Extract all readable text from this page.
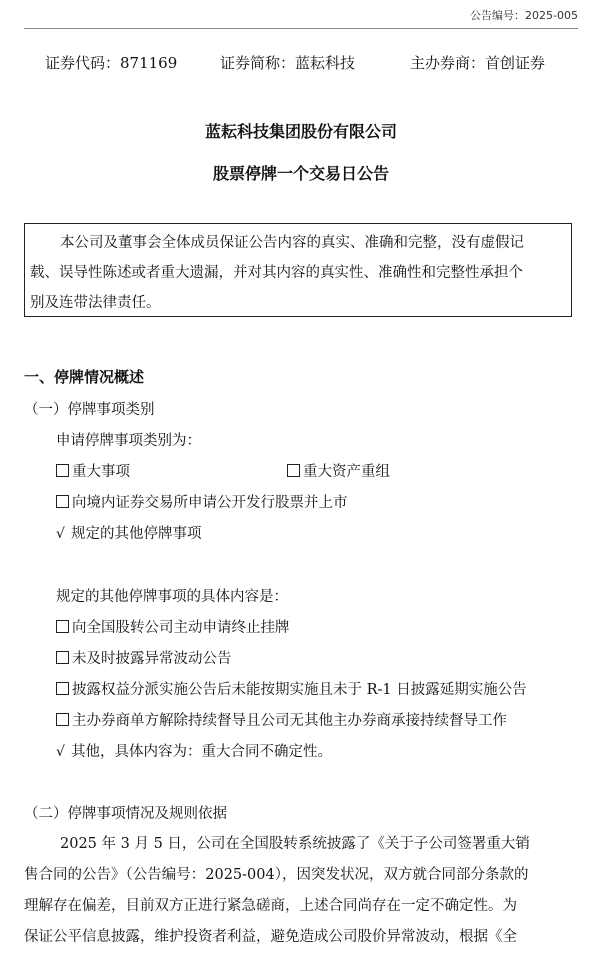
公告编号：2025-005
证券代码：871169	证券简称：蓝耘科技	主办券商：首创证券
蓝耘科技集团股份有限公司
股票停牌一个交易日公告
本公司及董事会全体成员保证公告内容的真实、准确和完整，没有虚假记
载、误导性陈述或者重大遗漏，并对其内容的真实性、准确性和完整性承担个
别及连带法律责任。
一、停牌情况概述
（一）停牌事项类别
申请停牌事项类别为：
重大事项	重大资产重组
向境内证券交易所申请公开发行股票并上市
√ 规定的其他停牌事项
规定的其他停牌事项的具体内容是：
向全国股转公司主动申请终止挂牌
未及时披露异常波动公告
披露权益分派实施公告后未能按期实施且未于 R-1 日披露延期实施公告
主办券商单方解除持续督导且公司无其他主办券商承接持续督导工作
√ 其他，具体内容为：重大合同不确定性。
（二）停牌事项情况及规则依据
2025 年 3 月 5 日，公司在全国股转系统披露了《关于子公司签署重大销
售合同的公告》（公告编号：2025-004），因突发状况，双方就合同部分条款的
理解存在偏差，目前双方正进行紧急磋商，上述合同尚存在一定不确定性。为
保证公平信息披露，维护投资者利益，避免造成公司股价异常波动，根据《全
